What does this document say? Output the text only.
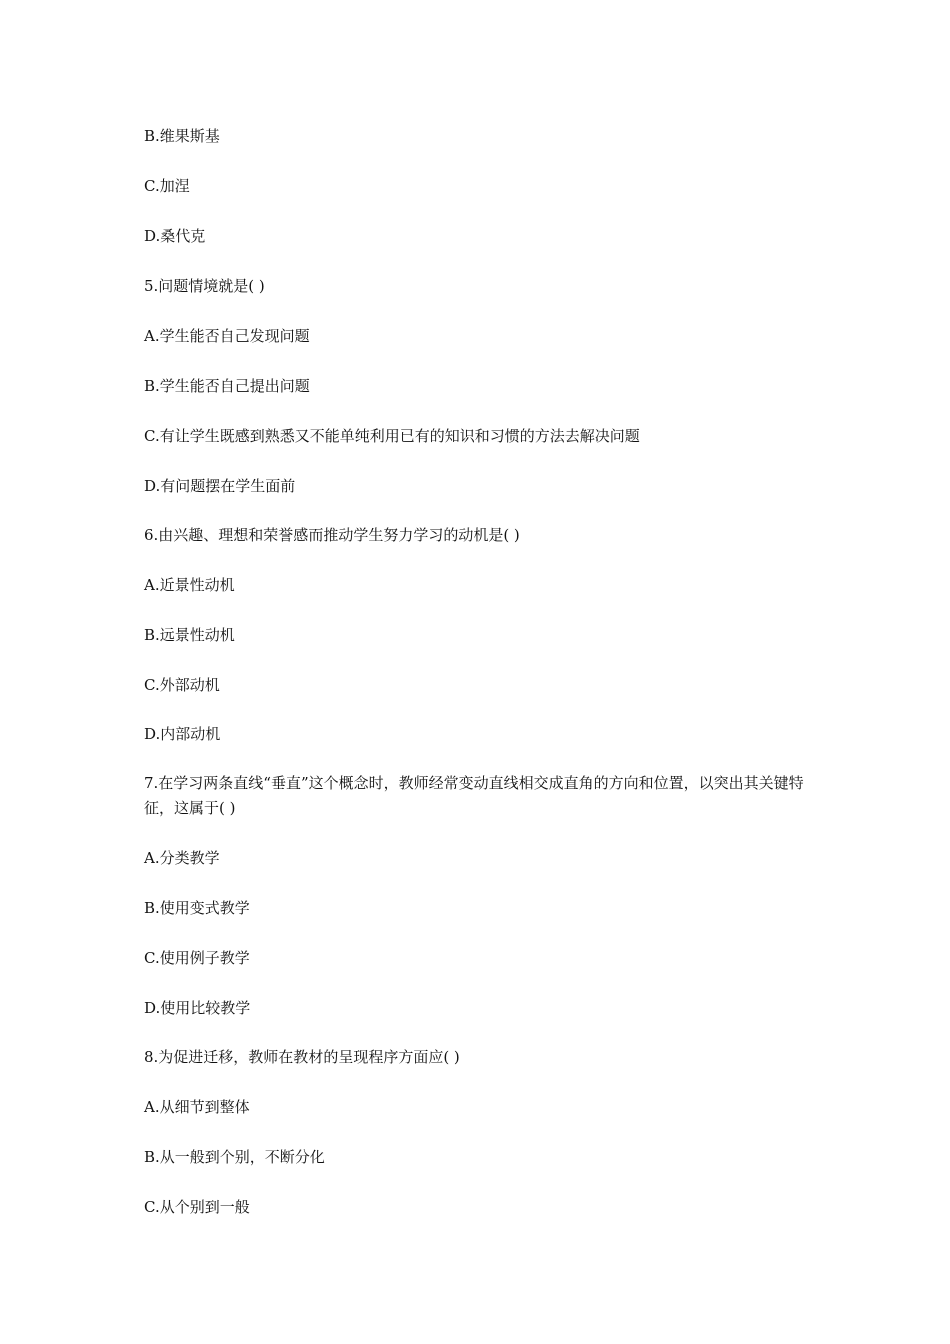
B.维果斯基
C.加涅
D.桑代克
5.问题情境就是( )
A.学生能否自己发现问题
B.学生能否自己提出问题
C.有让学生既感到熟悉又不能单纯利用已有的知识和习惯的方法去解决问题
D.有问题摆在学生面前
6.由兴趣、理想和荣誉感而推动学生努力学习的动机是( )
A.近景性动机
B.远景性动机
C.外部动机
D.内部动机
7.在学习两条直线“垂直”这个概念时，教师经常变动直线相交成直角的方向和位置，以突出其关键特征，这属于( )
A.分类教学
B.使用变式教学
C.使用例子教学
D.使用比较教学
8.为促进迁移，教师在教材的呈现程序方面应( )
A.从细节到整体
B.从一般到个别，不断分化
C.从个别到一般
